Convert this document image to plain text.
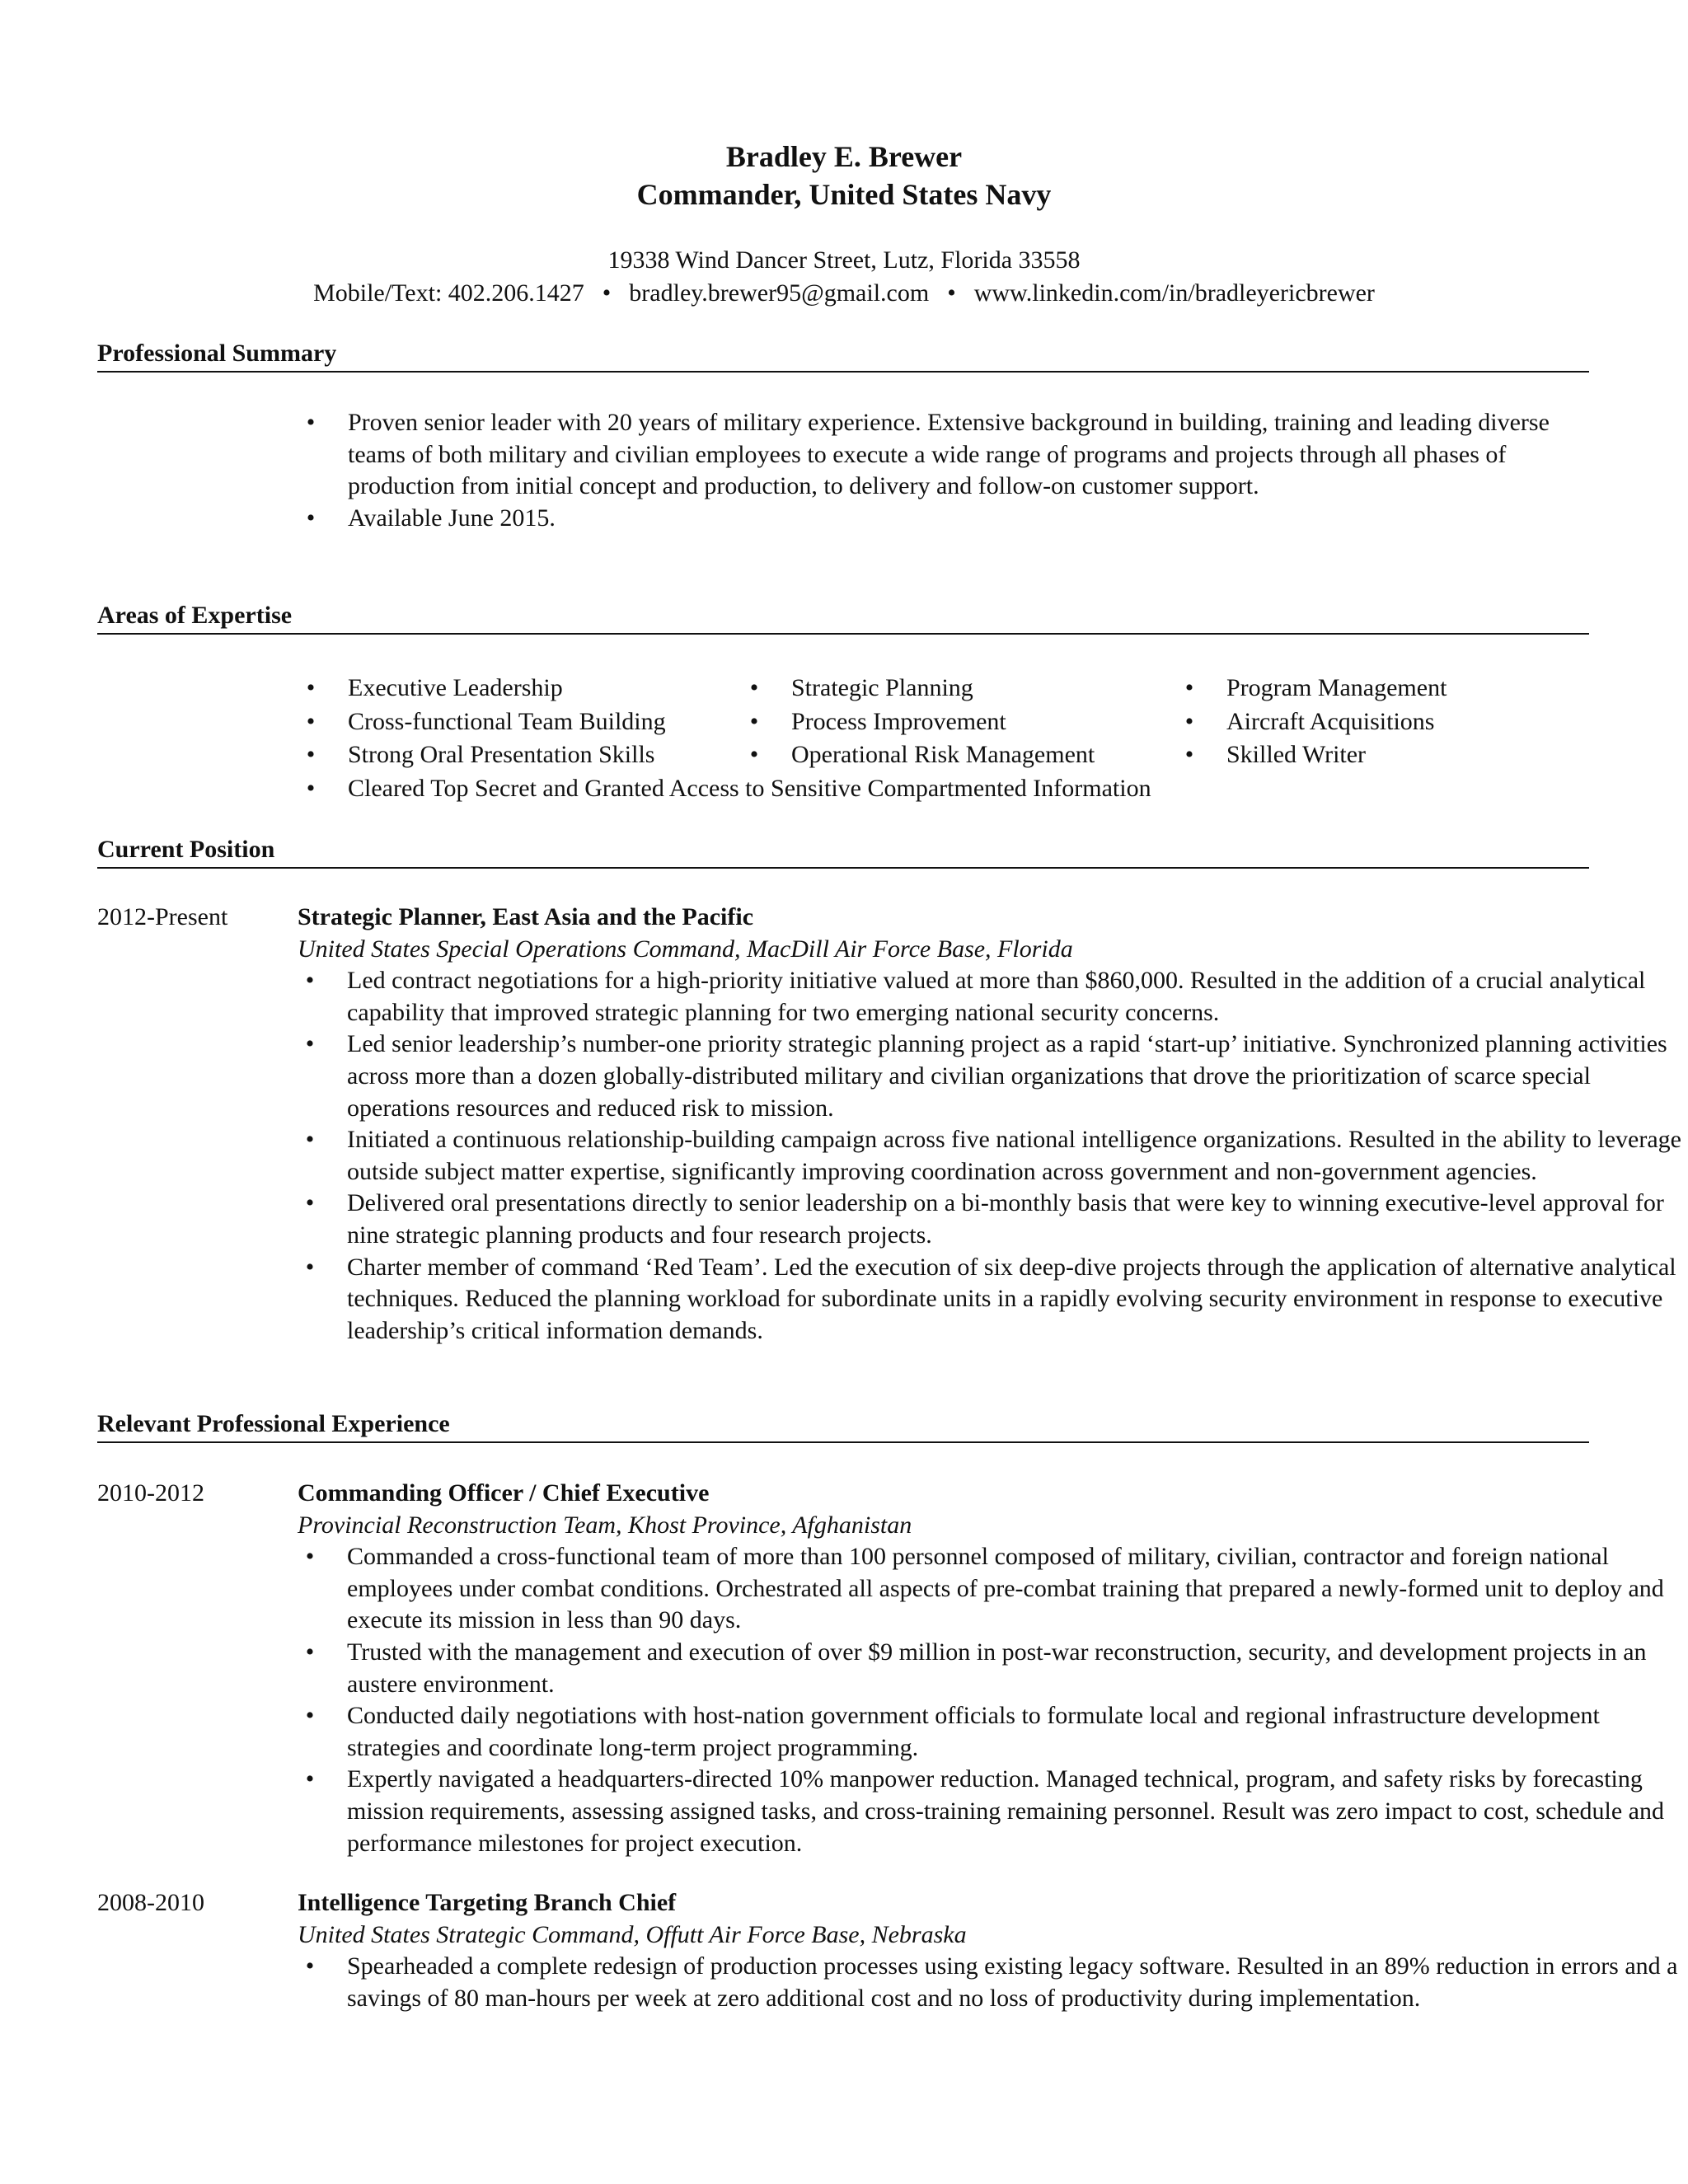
Bradley E. Brewer
Commander, United States Navy
19338 Wind Dancer Street, Lutz, Florida 33558
Mobile/Text: 402.206.1427 • bradley.brewer95@gmail.com • www.linkedin.com/in/bradleyericbrewer
Professional Summary
•	Proven senior leader with 20 years of military experience. Extensive background in building, training and leading diverse teams of both military and civilian employees to execute a wide range of programs and projects through all phases of production from initial concept and production, to delivery and follow-on customer support.
•	Available June 2015.
Areas of Expertise
•	Executive Leadership	•	Strategic Planning	•	Program Management
•	Cross-functional Team Building	•	Process Improvement	•	Aircraft Acquisitions
•	Strong Oral Presentation Skills	•	Operational Risk Management	•	Skilled Writer
•	Cleared Top Secret and Granted Access to Sensitive Compartmented Information
Current Position
2012-Present	Strategic Planner, East Asia and the Pacific
United States Special Operations Command, MacDill Air Force Base, Florida
•	Led contract negotiations for a high-priority initiative valued at more than $860,000. Resulted in the addition of a crucial analytical capability that improved strategic planning for two emerging national security concerns.
•	Led senior leadership’s number-one priority strategic planning project as a rapid ‘start-up’ initiative. Synchronized planning activities across more than a dozen globally-distributed military and civilian organizations that drove the prioritization of scarce special operations resources and reduced risk to mission.
•	Initiated a continuous relationship-building campaign across five national intelligence organizations. Resulted in the ability to leverage outside subject matter expertise, significantly improving coordination across government and non-government agencies.
•	Delivered oral presentations directly to senior leadership on a bi-monthly basis that were key to winning executive-level approval for nine strategic planning products and four research projects.
•	Charter member of command ‘Red Team’. Led the execution of six deep-dive projects through the application of alternative analytical techniques. Reduced the planning workload for subordinate units in a rapidly evolving security environment in response to executive leadership’s critical information demands.
Relevant Professional Experience
2010-2012	Commanding Officer / Chief Executive
Provincial Reconstruction Team, Khost Province, Afghanistan
•	Commanded a cross-functional team of more than 100 personnel composed of military, civilian, contractor and foreign national employees under combat conditions. Orchestrated all aspects of pre-combat training that prepared a newly-formed unit to deploy and execute its mission in less than 90 days.
•	Trusted with the management and execution of over $9 million in post-war reconstruction, security, and development projects in an austere environment.
•	Conducted daily negotiations with host-nation government officials to formulate local and regional infrastructure development strategies and coordinate long-term project programming.
•	Expertly navigated a headquarters-directed 10% manpower reduction. Managed technical, program, and safety risks by forecasting mission requirements, assessing assigned tasks, and cross-training remaining personnel. Result was zero impact to cost, schedule and performance milestones for project execution.
2008-2010	Intelligence Targeting Branch Chief
United States Strategic Command, Offutt Air Force Base, Nebraska
•	Spearheaded a complete redesign of production processes using existing legacy software. Resulted in an 89% reduction in errors and a savings of 80 man-hours per week at zero additional cost and no loss of productivity during implementation.
